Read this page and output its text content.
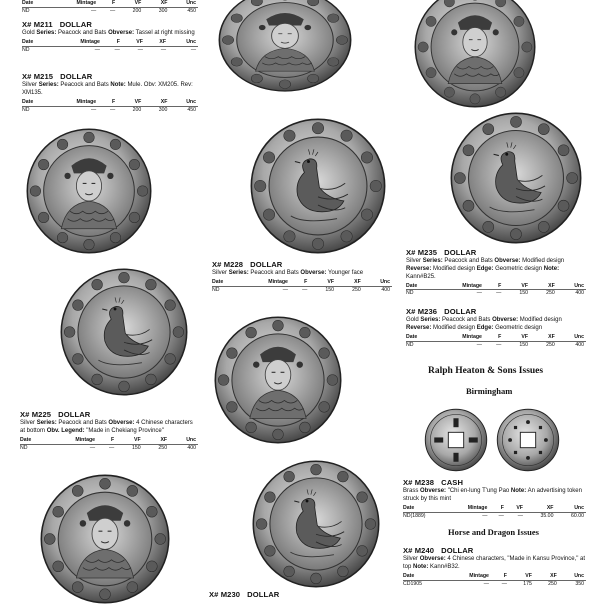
Date	Mintage	F	VF	XF	Unc
ND	—	—	200	300	450
X# M211 DOLLAR
Gold Series: Peacock and Bats Obverse: Tassel at right missing
Date	Mintage	F	VF	XF	Unc
ND	—	—	—	—	—
X# M215 DOLLAR
Silver Series: Peacock and Bats Note: Mule. Obv: XM205. Rev: XM135.
Date	Mintage	F	VF	XF	Unc
ND	—	—	200	300	450
X# M225 DOLLAR
Silver Series: Peacock and Bats Obverse: 4 Chinese characters at bottom Obv. Legend: "Made in Chekiang Province"
Date	Mintage	F	VF	XF	Unc
ND	—	—	150	250	400
X# M228 DOLLAR
Silver Series: Peacock and Bats Obverse: Younger face
Date	Mintage	F	VF	XF	Unc
ND	—	—	150	250	400
X# M230 DOLLAR
X# M235 DOLLAR
Silver Series: Peacock and Bats Obverse: Modified design Reverse: Modified design Edge: Geometric design Note: Kann#B25.
Date	Mintage	F	VF	XF	Unc
ND	—	—	150	250	400
X# M236 DOLLAR
Gold Series: Peacock and Bats Obverse: Modified design Reverse: Modified design Edge: Geometric design
Date	Mintage	F	VF	XF	Unc
ND	—	—	150	250	400
Ralph Heaton & Sons Issues
Birmingham
X# M238 CASH
Brass Obverse: "Chi en-lung T'ung Pao Note: An advertising token struck by this mint
Date	Mintage	F	VF	XF	Unc
ND(1889)	—	—	—	35.00	60.00
Horse and Dragon Issues
X# M240 DOLLAR
Silver Obverse: 4 Chinese characters, "Made in Kansu Province," at top Note: Kann#B32.
Date	Mintage	F	VF	XF	Unc
CD1905	—	—	175	250	350
